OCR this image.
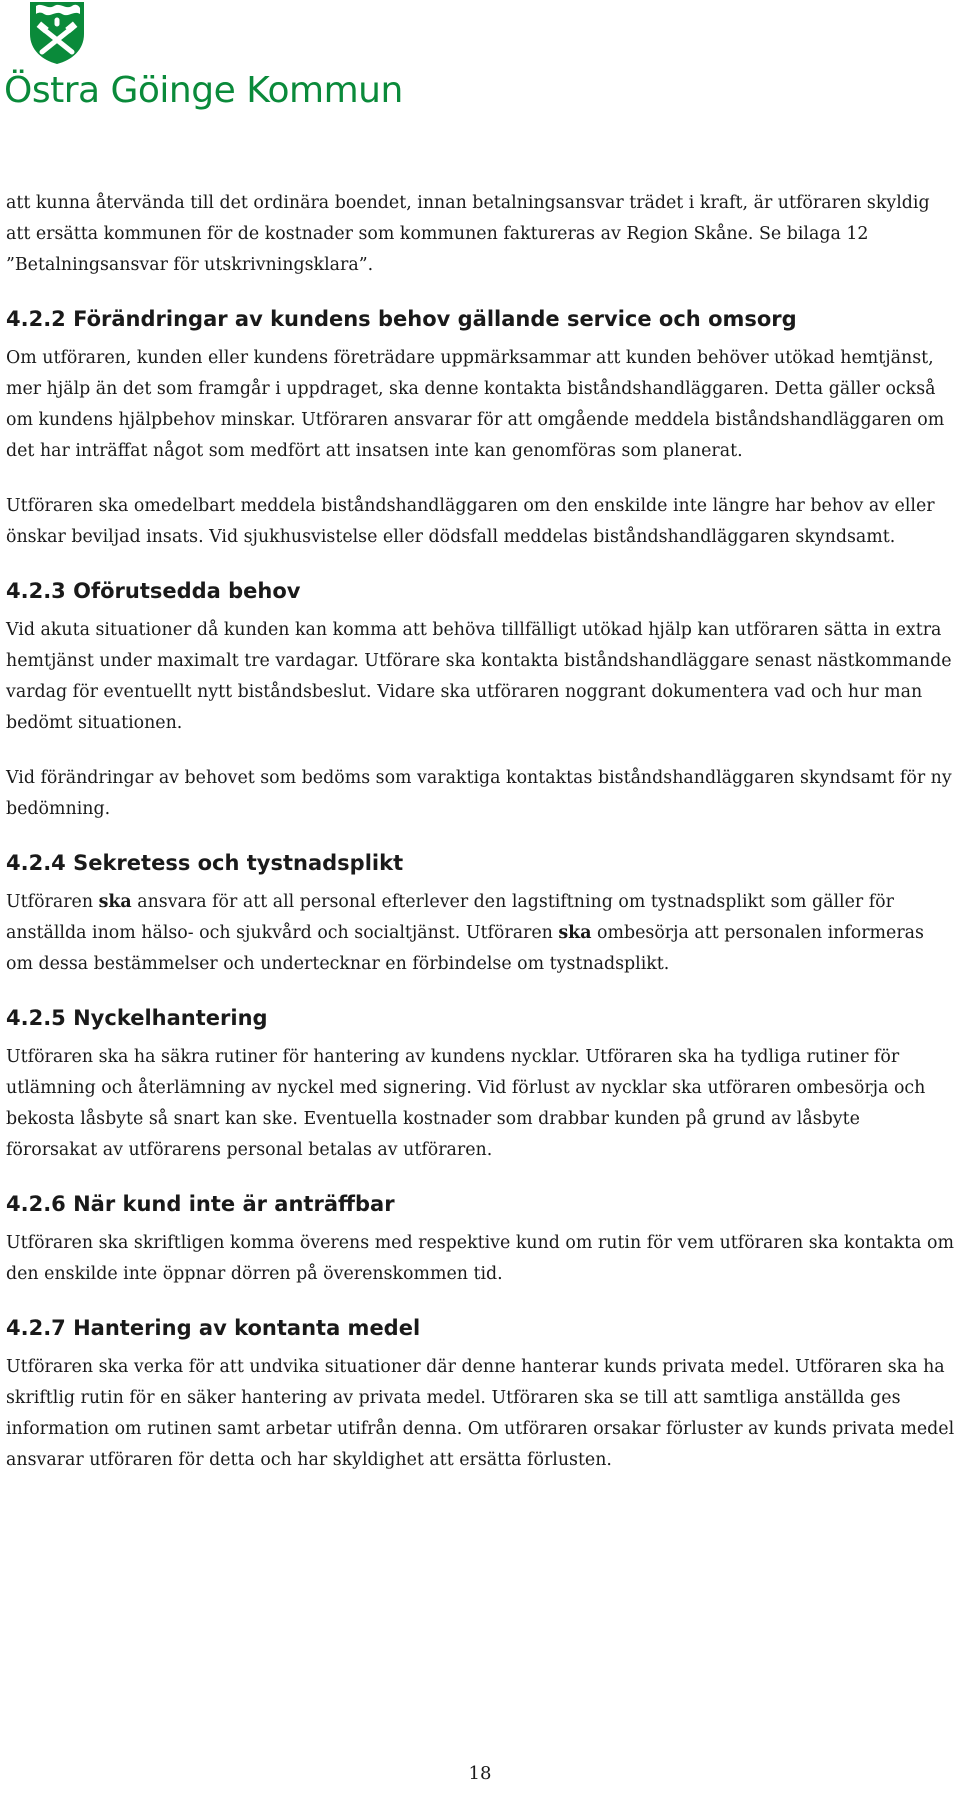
Östra Göinge Kommun

att kunna återvända till det ordinära boendet, innan betalningsansvar trädet i kraft, är utföraren skyldig att ersätta kommunen för de kostnader som kommunen faktureras av Region Skåne. Se bilaga 12 ”Betalningsansvar för utskrivningsklara”.

4.2.2 Förändringar av kundens behov gällande service och omsorg

Om utföraren, kunden eller kundens företrädare uppmärksammar att kunden behöver utökad hemtjänst, mer hjälp än det som framgår i uppdraget, ska denne kontakta biståndshandläggaren. Detta gäller också om kundens hjälpbehov minskar. Utföraren ansvarar för att omgående meddela biståndshandläggaren om det har inträffat något som medfört att insatsen inte kan genomföras som planerat.

Utföraren ska omedelbart meddela biståndshandläggaren om den enskilde inte längre har behov av eller önskar beviljad insats. Vid sjukhusvistelse eller dödsfall meddelas biståndshandläggaren skyndsamt.

4.2.3 Oförutsedda behov

Vid akuta situationer då kunden kan komma att behöva tillfälligt utökad hjälp kan utföraren sätta in extra hemtjänst under maximalt tre vardagar. Utförare ska kontakta biståndshandläggare senast nästkommande vardag för eventuellt nytt biståndsbeslut. Vidare ska utföraren noggrant dokumentera vad och hur man bedömt situationen.

Vid förändringar av behovet som bedöms som varaktiga kontaktas biståndshandläggaren skyndsamt för ny bedömning.

4.2.4 Sekretess och tystnadsplikt

Utföraren ska ansvara för att all personal efterlever den lagstiftning om tystnadsplikt som gäller för anställda inom hälso- och sjukvård och socialtjänst. Utföraren ska ombesörja att personalen informeras om dessa bestämmelser och undertecknar en förbindelse om tystnadsplikt.

4.2.5 Nyckelhantering

Utföraren ska ha säkra rutiner för hantering av kundens nycklar. Utföraren ska ha tydliga rutiner för utlämning och återlämning av nyckel med signering. Vid förlust av nycklar ska utföraren ombesörja och bekosta låsbyte så snart kan ske. Eventuella kostnader som drabbar kunden på grund av låsbyte förorsakat av utförarens personal betalas av utföraren.

4.2.6 När kund inte är anträffbar

Utföraren ska skriftligen komma överens med respektive kund om rutin för vem utföraren ska kontakta om den enskilde inte öppnar dörren på överenskommen tid.

4.2.7 Hantering av kontanta medel

Utföraren ska verka för att undvika situationer där denne hanterar kunds privata medel. Utföraren ska ha skriftlig rutin för en säker hantering av privata medel. Utföraren ska se till att samtliga anställda ges information om rutinen samt arbetar utifrån denna. Om utföraren orsakar förluster av kunds privata medel ansvarar utföraren för detta och har skyldighet att ersätta förlusten.

18
